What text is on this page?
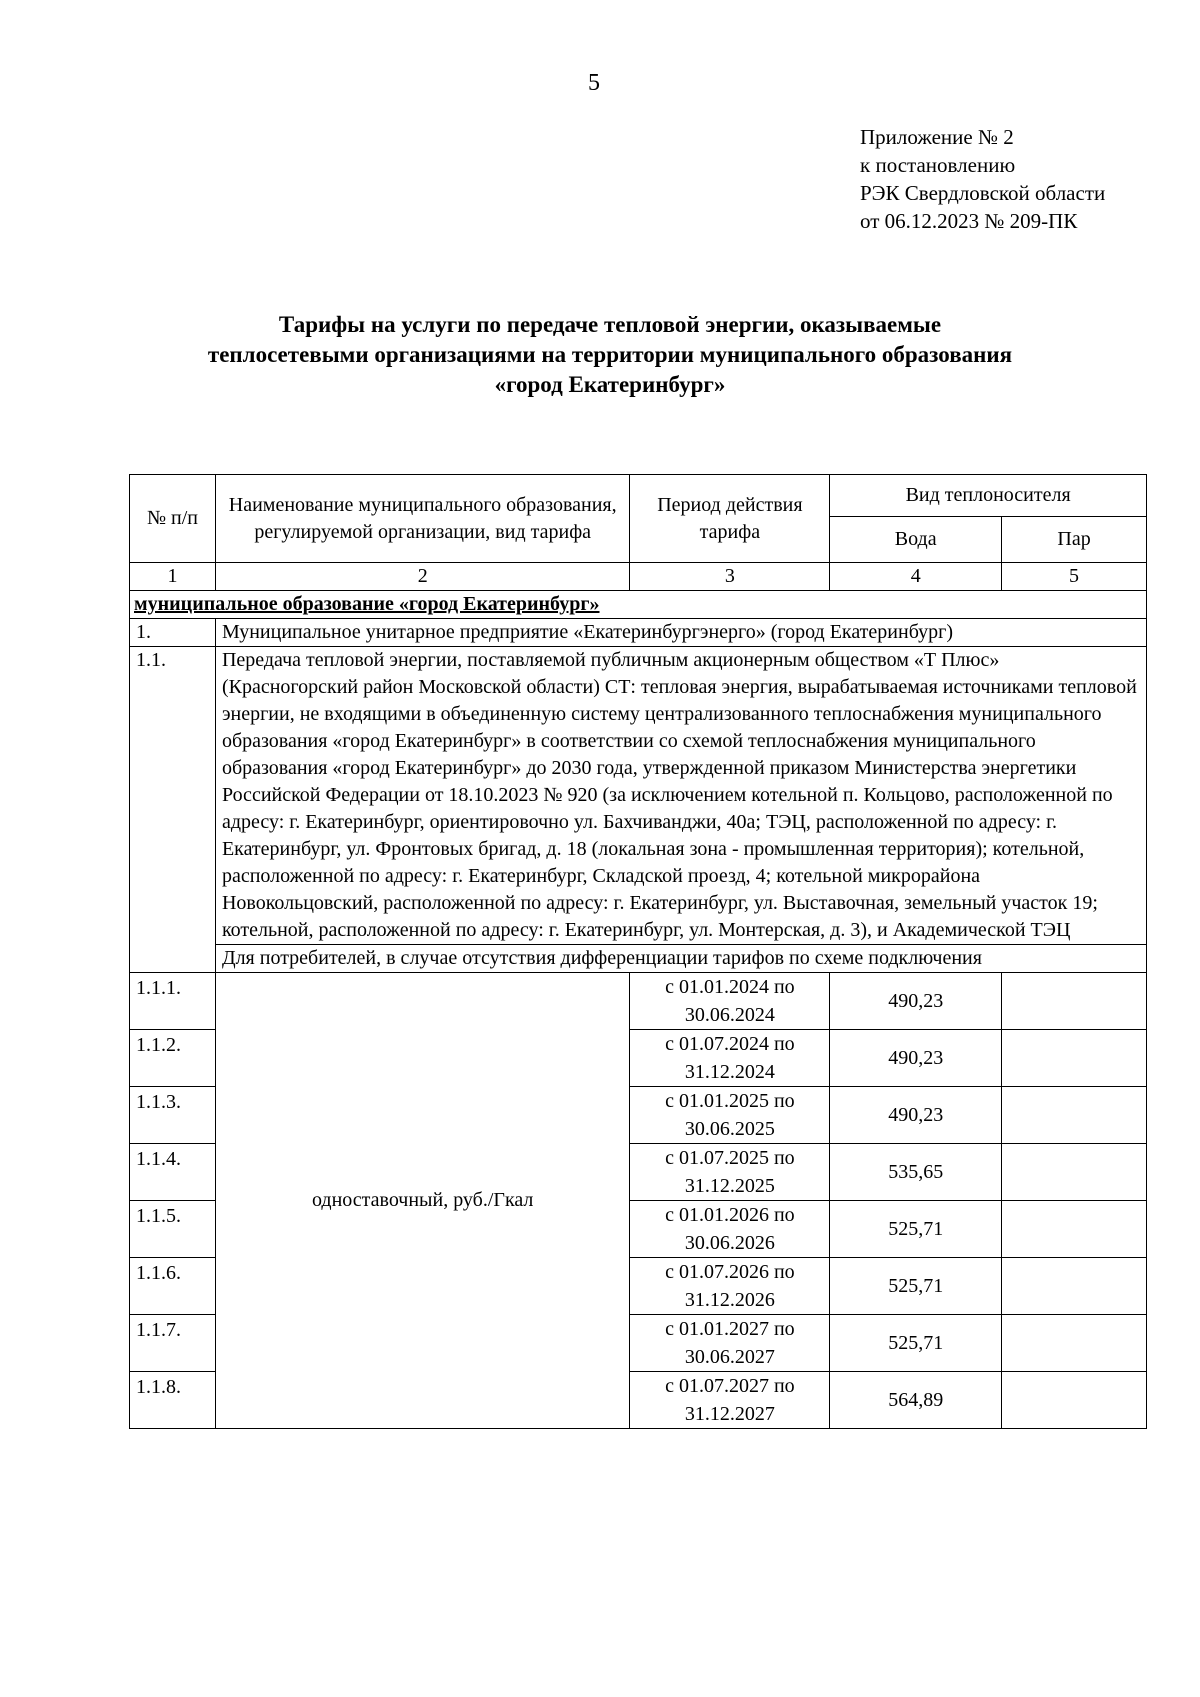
5
Приложение № 2
к постановлению
РЭК Свердловской области
от 06.12.2023 № 209-ПК
Тарифы на услуги по передаче тепловой энергии, оказываемые
теплосетевыми организациями на территории муниципального образования
«город Екатеринбург»
№ п/п	Наименование муниципального образования, регулируемой организации, вид тарифа	Период действия тарифа	Вид теплоносителя	
			Вода	Пар
1	2	3	4	5
муниципальное образование «город Екатеринбург»				
1.	Муниципальное унитарное предприятие «Екатеринбургэнерго» (город Екатеринбург)			
1.1.	Передача тепловой энергии, поставляемой публичным акционерным обществом «Т Плюс» (Красногорский район Московской области) СТ: тепловая энергия, вырабатываемая источниками тепловой энергии, не входящими в объединенную систему централизованного теплоснабжения муниципального образования «город Екатеринбург» в соответствии со схемой теплоснабжения муниципального образования «город Екатеринбург» до 2030 года, утвержденной приказом Министерства энергетики Российской Федерации от 18.10.2023 № 920 (за исключением котельной п. Кольцово, расположенной по адресу: г. Екатеринбург, ориентировочно ул. Бахчиванджи, 40а; ТЭЦ, расположенной по адресу: г. Екатеринбург, ул. Фронтовых бригад, д. 18 (локальная зона - промышленная территория); котельной, расположенной по адресу: г. Екатеринбург, Складской проезд, 4; котельной микрорайона Новокольцовский, расположенной по адресу: г. Екатеринбург, ул. Выставочная, земельный участок 19; котельной, расположенной по адресу: г. Екатеринбург, ул. Монтерская, д. 3), и Академической ТЭЦ			
	Для потребителей, в случае отсутствия дифференциации тарифов по схеме подключения			
1.1.1.	одноставочный, руб./Гкал	с 01.01.2024 по
30.06.2024	490,23	
1.1.2.		с 01.07.2024 по
31.12.2024	490,23	
1.1.3.		с 01.01.2025 по
30.06.2025	490,23	
1.1.4.		с 01.07.2025 по
31.12.2025	535,65	
1.1.5.		с 01.01.2026 по
30.06.2026	525,71	
1.1.6.		с 01.07.2026 по
31.12.2026	525,71	
1.1.7.		с 01.01.2027 по
30.06.2027	525,71	
1.1.8.		с 01.07.2027 по
31.12.2027	564,89	
